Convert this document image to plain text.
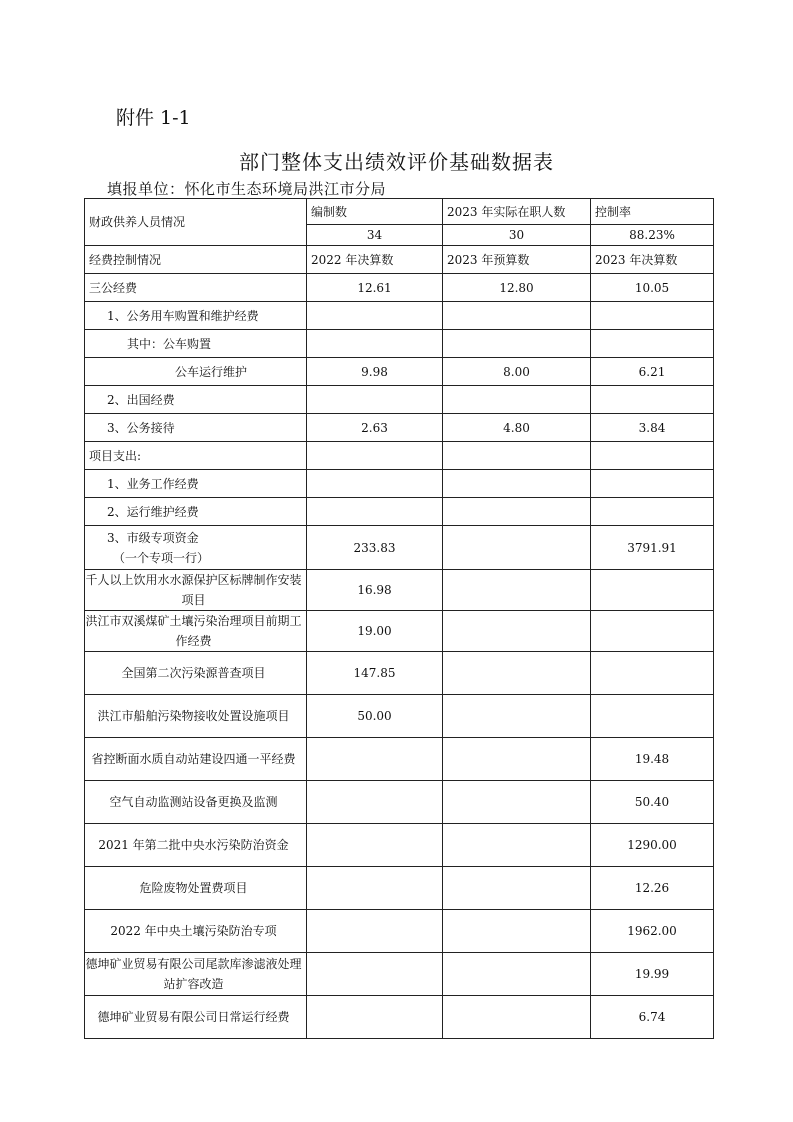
附件 1-1
部门整体支出绩效评价基础数据表
填报单位：怀化市生态环境局洪江市分局
财政供养人员情况	编制数	2023 年实际在职人数	控制率
	34	30	88.23%
经费控制情况	2022 年决算数	2023 年预算数	2023 年决算数
三公经费	12.61	12.80	10.05
1、公务用车购置和维护经费			
其中：公车购置			
公车运行维护	9.98	8.00	6.21
2、出国经费			
3、公务接待	2.63	4.80	3.84
项目支出:			
1、业务工作经费			
2、运行维护经费			

3、市级专项资金
（一个专项一行）	233.83		3791.91
千人以上饮用水水源保护区标牌制作安装项目	16.98		
洪江市双溪煤矿土壤污染治理项目前期工作经费	19.00		
全国第二次污染源普查项目	147.85		
洪江市船舶污染物接收处置设施项目	50.00		
省控断面水质自动站建设四通一平经费			19.48
空气自动监测站设备更换及监测			50.40
2021 年第二批中央水污染防治资金			1290.00
危险废物处置费项目			12.26
2022 年中央土壤污染防治专项			1962.00
德坤矿业贸易有限公司尾款库渗滤液处理站扩容改造			19.99
德坤矿业贸易有限公司日常运行经费			6.74
